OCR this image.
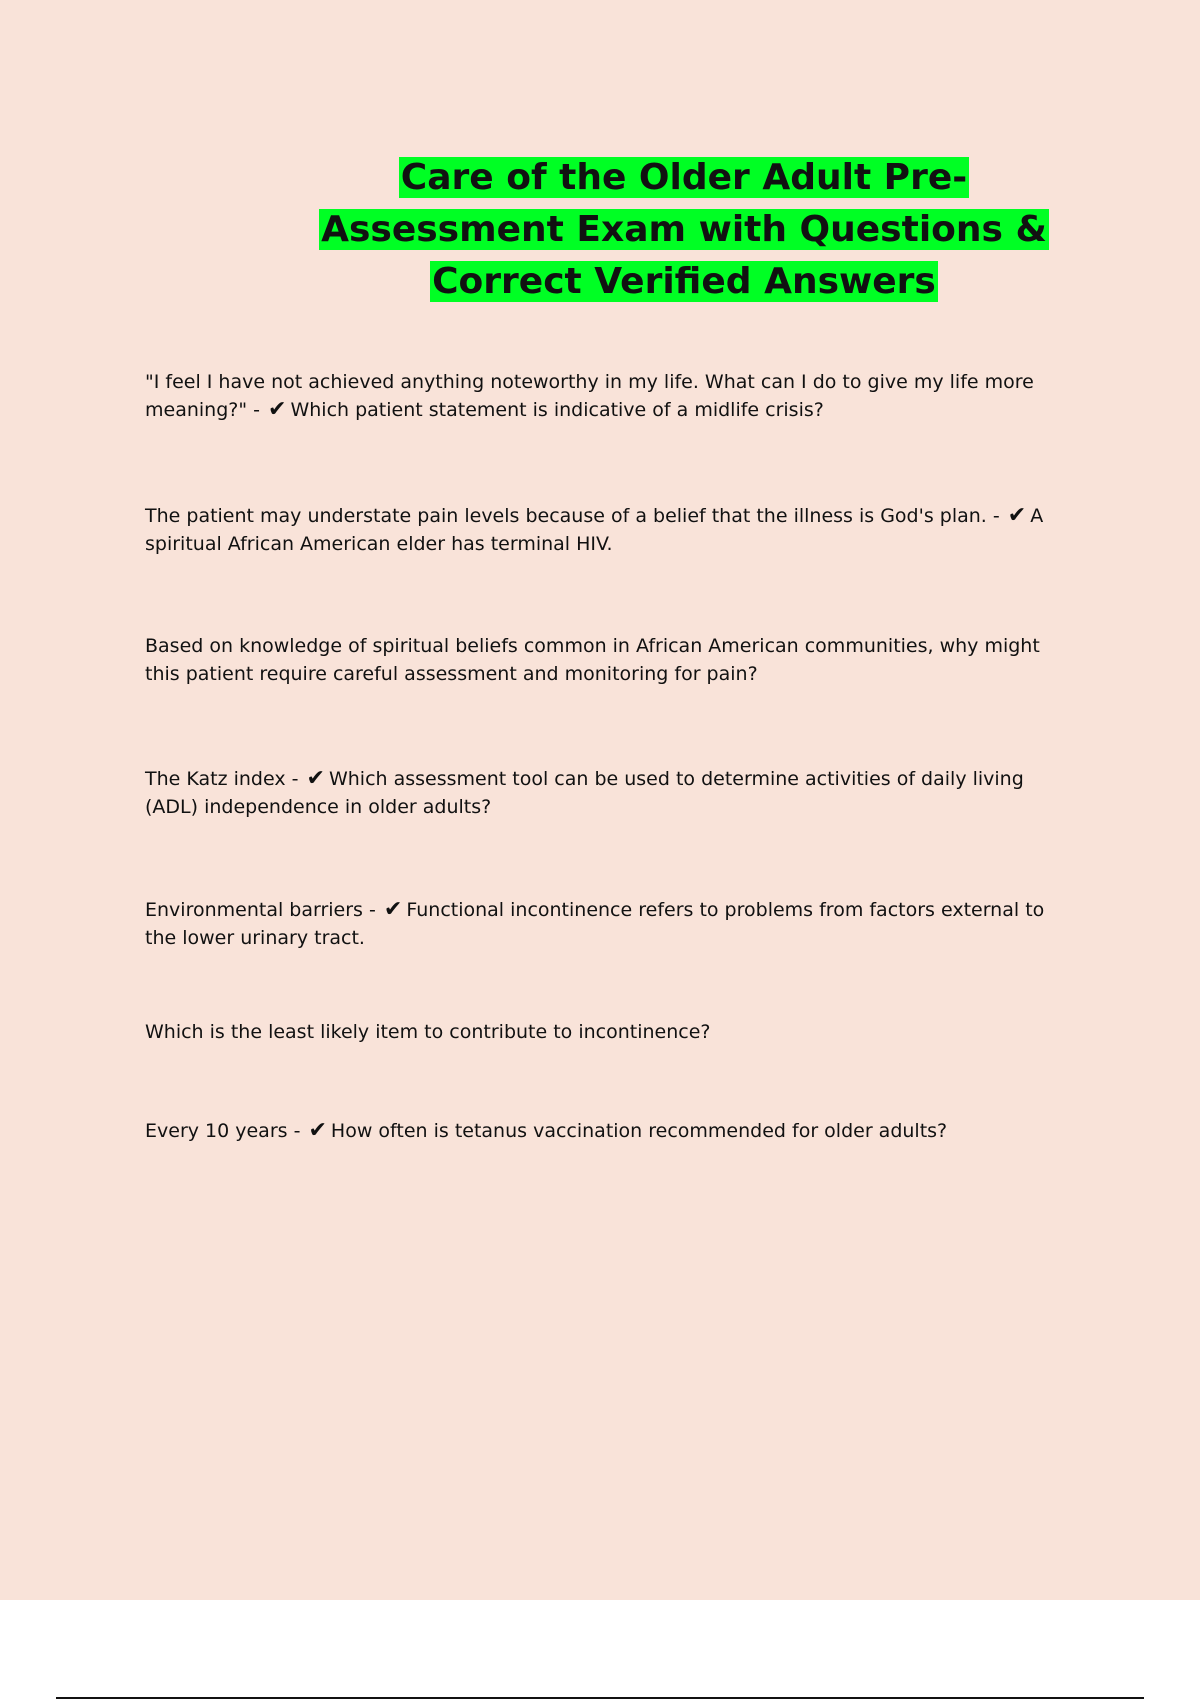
Care of the Older Adult Pre-Assessment Exam with Questions & Correct Verified Answers
"I feel I have not achieved anything noteworthy in my life. What can I do to give my life more meaning?" - ✔ Which patient statement is indicative of a midlife crisis?
The patient may understate pain levels because of a belief that the illness is God's plan. - ✔ A spiritual African American elder has terminal HIV.
Based on knowledge of spiritual beliefs common in African American communities, why might this patient require careful assessment and monitoring for pain?
The Katz index - ✔ Which assessment tool can be used to determine activities of daily living (ADL) independence in older adults?
Environmental barriers - ✔ Functional incontinence refers to problems from factors external to the lower urinary tract.
Which is the least likely item to contribute to incontinence?
Every 10 years - ✔ How often is tetanus vaccination recommended for older adults?
